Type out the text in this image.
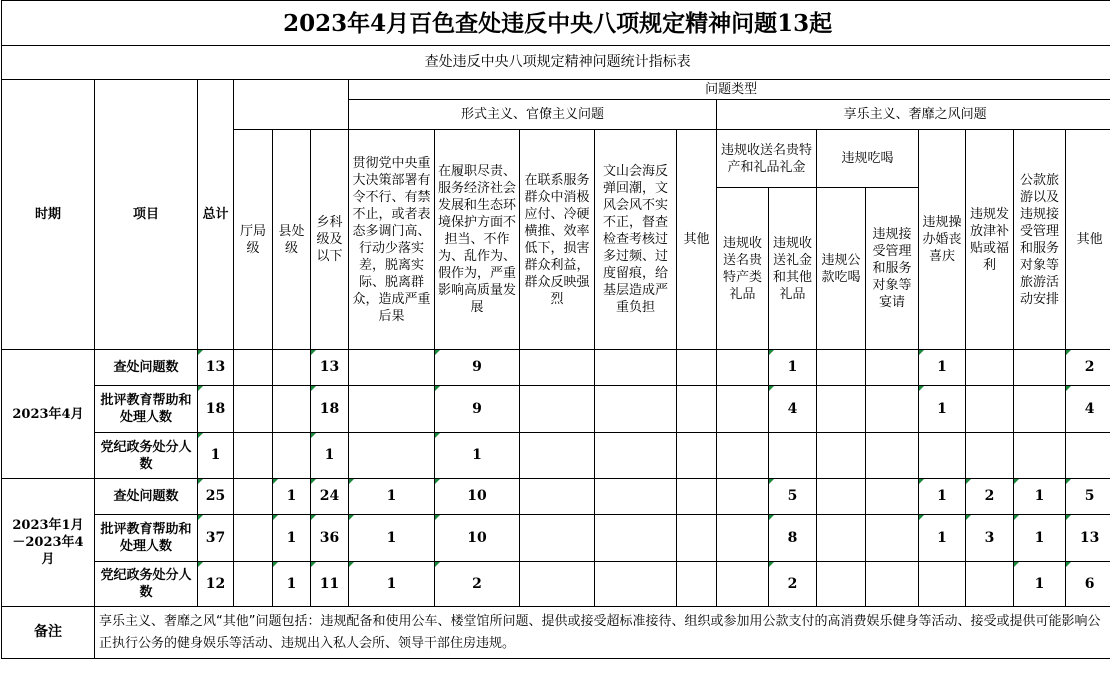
2023年4月百色查处违反中央八项规定精神问题13起																		
查处违反中央八项规定精神问题统计指标表																		
时期	项目	总计				问题类型												
						形式主义、官僚主义问题					享乐主义、奢靡之风问题							
			厅局级	县处级	乡科级及以下	贯彻党中央重大决策部署有令不行、有禁不止，或者表态多调门高、行动少落实差，脱离实际、脱离群众，造成严重后果	在履职尽责、服务经济社会发展和生态环境保护方面不担当、不作为、乱作为、假作为，严重影响高质量发展	在联系服务群众中消极应付、冷硬横推、效率低下，损害群众利益，群众反映强烈	文山会海反弹回潮，文风会风不实不正，督查检查考核过多过频、过度留痕，给基层造成严重负担	其他	违规收送名贵特产和礼品礼金		违规吃喝		违规操办婚丧喜庆	违规发放津补贴或福利	公款旅游以及违规接受管理和服务对象等旅游活动安排	其他
											违规收送名贵特产类礼品	违规收送礼金和其他礼品	违规公款吃喝	违规接受管理和服务对象等宴请				

2023年4月	查处问题数	13			13		9					1			1			2
	批评教育帮助和处理人数	18			18		9					4			1			4
	党纪政务处分人数	1			1		1											
2023年1月－2023年4月	查处问题数	25		1	24	1	10					5			1	2	1	5
	批评教育帮助和处理人数	37		1	36	1	10					8			1	3	1	13
	党纪政务处分人数	12		1	11	1	2					2					1	6
备注	享乐主义、奢靡之风“其他”问题包括：违规配备和使用公车、楼堂馆所问题、提供或接受超标准接待、组织或参加用公款支付的高消费娱乐健身等活动、接受或提供可能影响公正执行公务的健身娱乐等活动、违规出入私人会所、领导干部住房违规。																	
